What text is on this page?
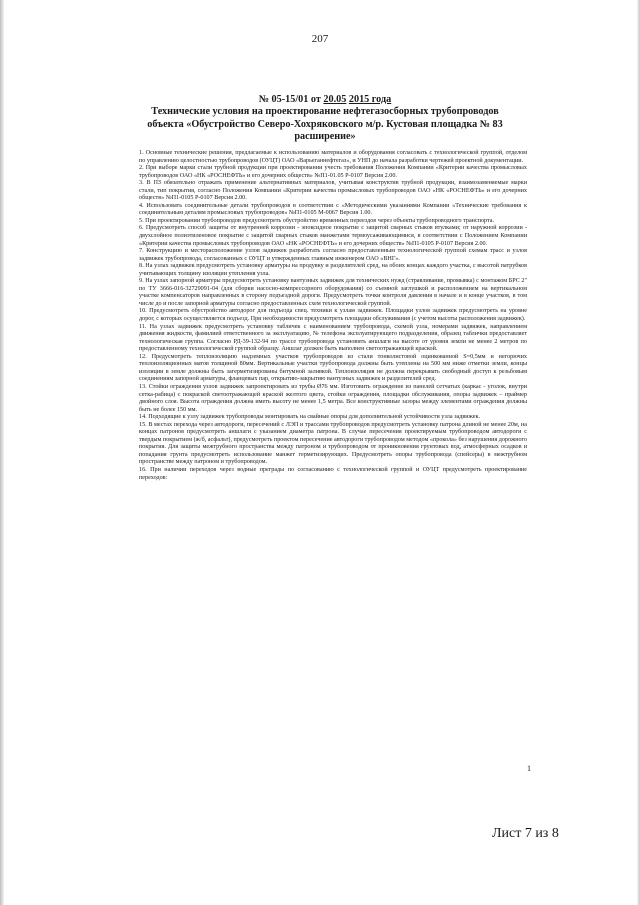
207
№ 05-15/01 от 20.05 2015 года
Технические условия на проектирование нефтегазосборных трубопроводов
объекта «Обустройство Северо-Хохряковского м/р. Кустовая площадка № 83
расширение»

1. Основные технические решения, предлагаемые к использованию материалов и оборудования согласовать с технологической группой, отделом по управлению целостностью трубопроводов (ОУЦТ) ОАО «Варьеганнефтегаз», и УНП до начала разработки чертежей проектной документации.

2. При выборе марки стали трубной продукции при проектировании учесть требования Положения Компании «Критерии качества промысловых трубопроводов ОАО «НК «РОСНЕФТЬ» и его дочерних обществ» №П1-01.05 Р-0107 Версия 2.00.

3. В ПЗ обязательно отражать применение альтернативных материалов, учитывая конструктив трубной продукции, взаимозаменяемые марки стали, тип покрытия, согласно Положения Компании «Критерии качества промысловых трубопроводов ОАО «НК «РОСНЕФТЬ» и его дочерних обществ» №П1-0105 Р-0107 Версия 2.00.

4. Использовать соединительные детали трубопроводов в соответствии с «Методическими указаниями Компании «Технические требования к соединительным деталям промысловых трубопроводов» №П1-0105 М-0067 Версия 1.00.

5. При проектировании трубопроводов предусмотреть обустройство временных переездов через объекты трубопроводного транспорта.

6. Предусмотреть способ защиты от внутренней коррозии - эпоксидное покрытие с защитой сварных стыков втулками; от наружной коррозии - двухслойное полиэтиленовое покрытие с защитой сварных стыков манжетами термоусаживающимися, в соответствии с Положением Компании «Критерии качества промысловых трубопроводов ОАО «НК «РОСНЕФТЬ» и его дочерних обществ» №П1-0105 Р-0107 Версия 2.00.

7. Конструкцию и месторасположение узлов задвижек разработать согласно предоставленным технологической группой схемам трасс и узлов задвижек трубопровода, согласованных с ОУЦТ и утвержденных главным инженером ОАО «ВНГ».

8. На узлах задвижек предусмотреть установку арматуры на продувку и разделителей сред, на обоих концах каждого участка, с высотой патрубков учитывающих толщину изоляции утепления узла.

9. На узлах запорной арматуры предусмотреть установку вантузных задвижек для технических нужд (стравливание, промывка) с монтажом БРС 2" по ТУ 3666-016-32729091-04 (для сборки насосно-компрессорного оборудования) со съемной заглушкой и расположением на вертикальном участке компенсаторов направленных в сторону подъездной дороги. Предусмотреть точки контроля давления в начале и в конце участков, в том числе до и после запорной арматуры согласно предоставленных схем технологической группой.

10. Предусмотреть обустройство автодорог для подъезда спец. техники к узлам задвижек. Площадки узлов задвижек предусмотреть на уровне дорог, с которых осуществляется подъезд. При необходимости предусмотреть площадки обслуживания (с учетом высоты расположения задвижек).

11. На узлах задвижек предусмотреть установку табличек с наименованием трубопровода, схемой узла, номерами задвижек, направлением движения жидкости, фамилией ответственного за эксплуатацию, № телефона эксплуатирующего подразделения, образец таблички предоставляет технологическая группа. Согласно РД-39-132-94 по трассе трубопровода установить аншлаги на высоте от уровня земли не менее 2 метров по предоставленному технологической группой образцу. Аншлаг должен быть выполнен светоотражающей краской.

12. Предусмотреть теплоизоляцию надземных участков трубопроводов из стали тонколистовой оцинкованной S=0,5мм и негорючих теплоизоляционных матов толщиной 80мм. Вертикальные участки трубопровода должны быть утеплены на 500 мм ниже отметки земли, концы изоляции в земле должны быть загерметизированы битумной заливкой. Теплоизоляция не должна перекрывать свободный доступ к резьбовым соединениям запорной арматуры, фланцевых пар, открытию-закрытию вантузных задвижек и разделителей сред.

13. Стойки ограждения узлов задвижек запроектировать из трубы Ø76 мм. Изготовить ограждение из панелей сетчатых (каркас - уголок, внутри сетка-рабица) с покраской светоотражающей краской желтого цвета, стойки ограждения, площадки обслуживания, опоры задвижек – праймер двойного слоя. Высота ограждения должна иметь высоту не менее 1,5 метра. Все конструктивные зазоры между элементами ограждения должны быть не более 150 мм.

14. Подходящие к узлу задвижек трубопроводы монтировать на свайные опоры для дополнительной устойчивости узла задвижек.

15. В местах перехода через автодороги, пересечений с ЛЭП и трассами трубопроводов предусмотреть установку патрона длиной не менее 20м, на концах патронов предусмотреть аншлаги с указанием диаметра патрона. В случае пересечения проектируемым трубопроводом автодороги с твердым покрытием (ж/б, асфальт), предусмотреть проектом пересечение автодороги трубопроводом методом «прокола» без нарушения дорожного покрытия. Для защиты межтрубного пространства между патроном и трубопроводом от проникновения грунтовых вод, атмосферных осадков и попадания грунта предусмотреть использование манжет герметизирующих. Предусмотреть опоры трубопровода (спейсеры) в межтрубном пространстве между патроном и трубопроводом.

16. При наличии переходов через водные преграды по согласованию с технологической группой и ОУЦТ предусмотреть проектирование переходов:

1
Лист 7 из 8
